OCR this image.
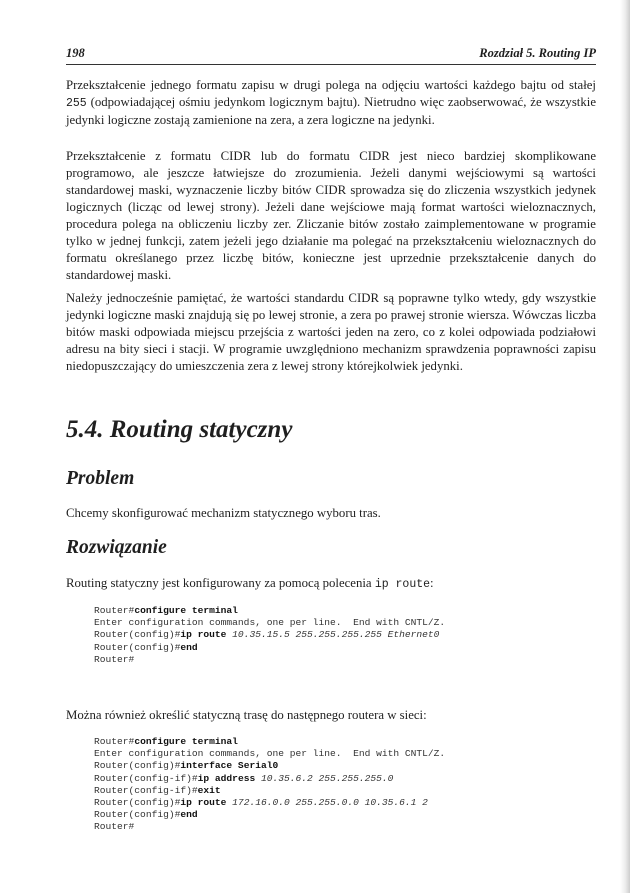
198	Rozdział 5. Routing IP

Przekształcenie jednego formatu zapisu w drugi polega na odjęciu wartości każdego bajtu od stałej 255 (odpowiadającej ośmiu jedynkom logicznym bajtu). Nietrudno więc zaobserwować, że wszystkie jedynki logiczne zostają zamienione na zera, a zera logiczne na jedynki.

Przekształcenie z formatu CIDR lub do formatu CIDR jest nieco bardziej skomplikowane programowo, ale jeszcze łatwiejsze do zrozumienia. Jeżeli danymi wejściowymi są wartości standardowej maski, wyznaczenie liczby bitów CIDR sprowadza się do zliczenia wszystkich jedynek logicznych (licząc od lewej strony). Jeżeli dane wejściowe mają format wartości wieloznacznych, procedura polega na obliczeniu liczby zer. Zliczanie bitów zostało zaimplementowane w programie tylko w jednej funkcji, zatem jeżeli jego działanie ma polegać na przekształceniu wieloznacznych do formatu określanego przez liczbę bitów, konieczne jest uprzednie przekształcenie danych do standardowej maski.

Należy jednocześnie pamiętać, że wartości standardu CIDR są poprawne tylko wtedy, gdy wszystkie jedynki logiczne maski znajdują się po lewej stronie, a zera po prawej stronie wiersza. Wówczas liczba bitów maski odpowiada miejscu przejścia z wartości jeden na zero, co z kolei odpowiada podziałowi adresu na bity sieci i stacji. W programie uwzględniono mechanizm sprawdzenia poprawności zapisu niedopuszczający do umieszczenia zera z lewej strony którejkolwiek jedynki.

5.4. Routing statyczny
Problem

Chcemy skonfigurować mechanizm statycznego wyboru tras.

Rozwiązanie

Routing statyczny jest konfigurowany za pomocą polecenia ip route:

Router#configure terminal
Enter configuration commands, one per line.  End with CNTL/Z.
Router(config)#ip route 10.35.15.5 255.255.255.255 Ethernet0
Router(config)#end
Router#

Można również określić statyczną trasę do następnego routera w sieci:

Router#configure terminal
Enter configuration commands, one per line.  End with CNTL/Z.
Router(config)#interface Serial0
Router(config-if)#ip address 10.35.6.2 255.255.255.0
Router(config-if)#exit
Router(config)#ip route 172.16.0.0 255.255.0.0 10.35.6.1 2
Router(config)#end
Router#
